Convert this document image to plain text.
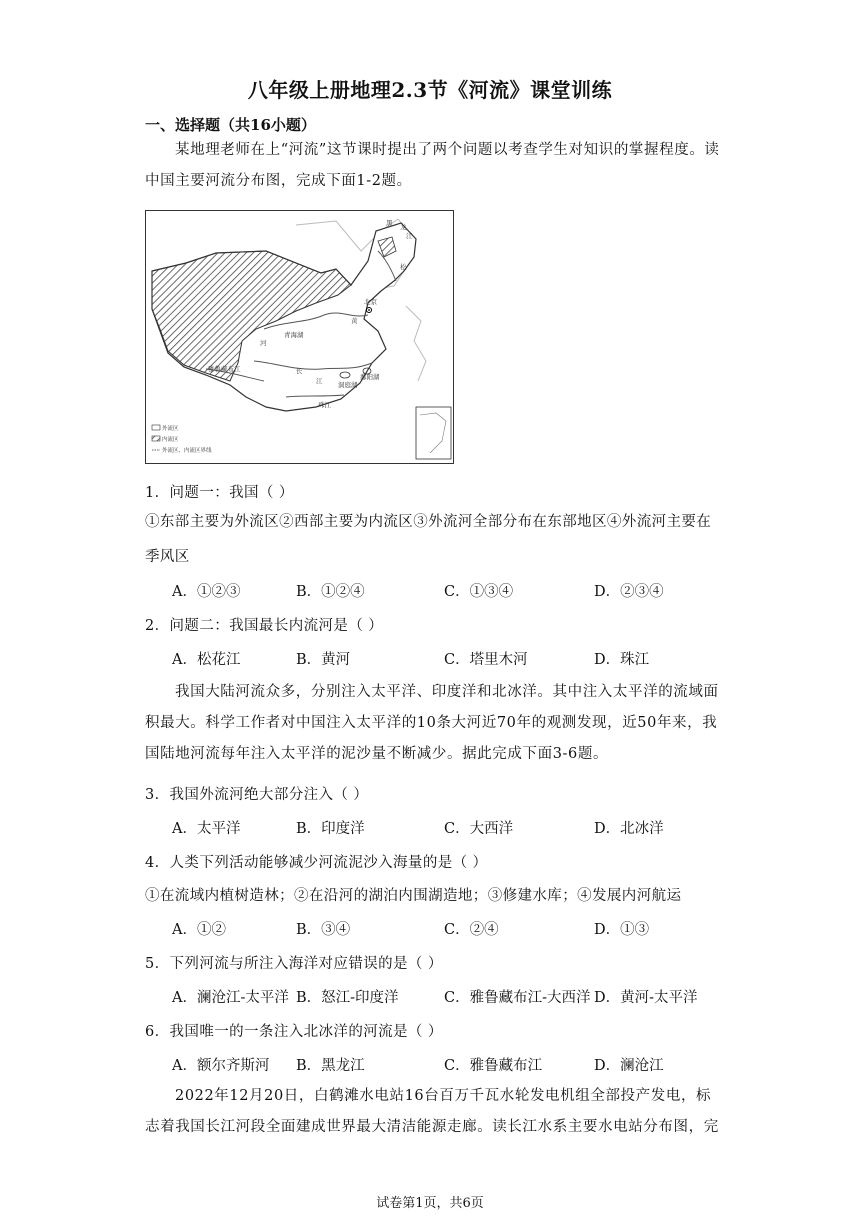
八年级上册地理2.3节《河流》课堂训练
一、选择题（共16小题）
某地理老师在上“河流”这节课时提出了两个问题以考查学生对知识的掌握程度。读中国主要河流分布图，完成下面1-2题。
黑 龙
江
松
北京
青海湖
河
黄
雅鲁藏布江	长
江 洞庭湖
鄱阳湖
珠江
外流区
内流区
外流区、内流区界线
1．问题一：我国（ ）
①东部主要为外流区②西部主要为内流区③外流河全部分布在东部地区④外流河主要在季风区
A．①②③	B．①②④	C．①③④	D．②③④
2．问题二：我国最长内流河是（ ）
A．松花江	B．黄河	C．塔里木河	D．珠江
我国大陆河流众多，分别注入太平洋、印度洋和北冰洋。其中注入太平洋的流域面积最大。科学工作者对中国注入太平洋的10条大河近70年的观测发现，近50年来，我国陆地河流每年注入太平洋的泥沙量不断减少。据此完成下面3-6题。
3．我国外流河绝大部分注入（ ）
A．太平洋	B．印度洋	C．大西洋	D．北冰洋
4．人类下列活动能够减少河流泥沙入海量的是（ ）
①在流域内植树造林；②在沿河的湖泊内围湖造地；③修建水库；④发展内河航运
A．①②	B．③④	C．②④	D．①③
5．下列河流与所注入海洋对应错误的是（ ）
A．澜沧江-太平洋 B．怒江-印度洋	C．雅鲁藏布江-大西洋 D．黄河-太平洋
6．我国唯一的一条注入北冰洋的河流是（ ）
A．额尔齐斯河 B．黑龙江	C．雅鲁藏布江	D．澜沧江
2022年12月20日，白鹤滩水电站16台百万千瓦水轮发电机组全部投产发电，标志着我国长江河段全面建成世界最大清洁能源走廊。读长江水系主要水电站分布图，完
试卷第1页，共6页
